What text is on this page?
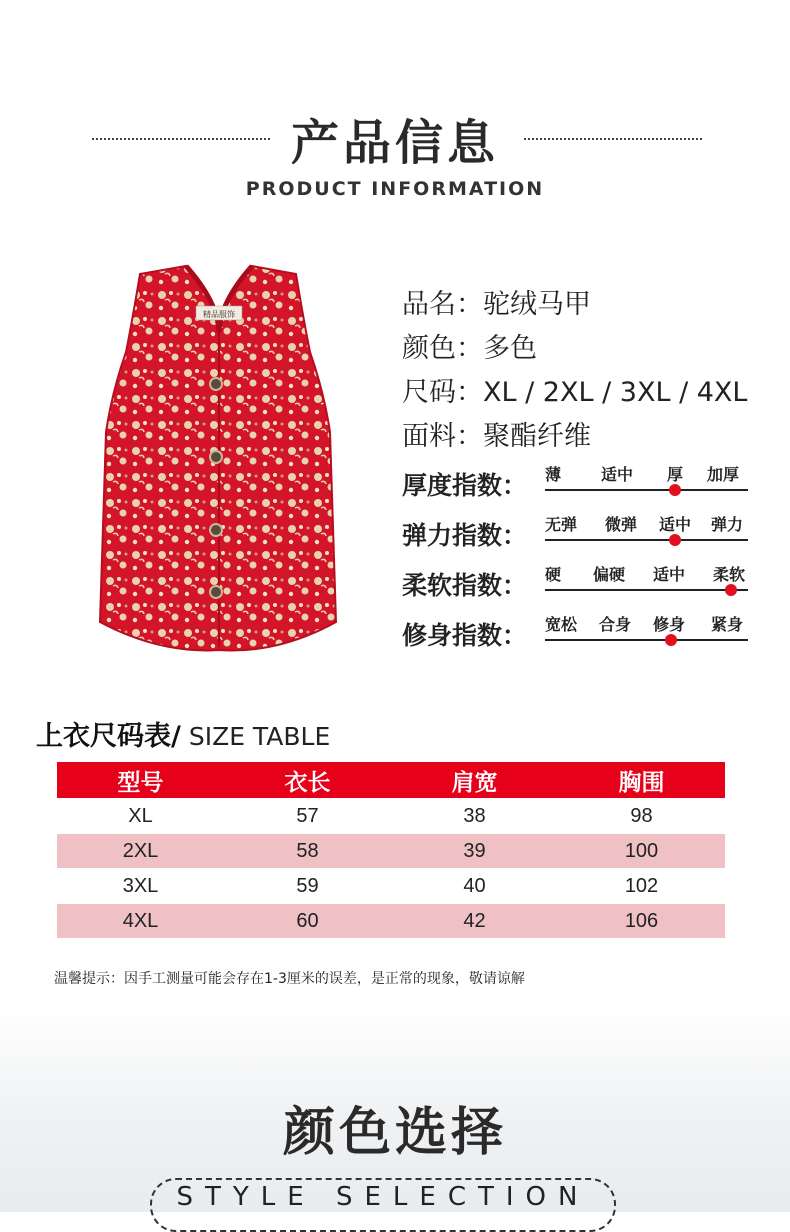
产品信息
PRODUCT INFORMATION
精品服饰	品名：驼绒马甲
颜色：多色
尺码：XL / 2XL / 3XL / 4XL
面料：聚酯纤维
厚度指数： 薄 适中 厚 加厚
弹力指数： 无弹 微弹 适中 弹力
柔软指数： 硬 偏硬 适中 柔软
修身指数： 宽松 合身 修身 紧身
上衣尺码表/ SIZE TABLE
型号	衣长	肩宽	胸围
XL	57	38	98
2XL	58	39	100
3XL	59	40	102
4XL	60	42	106
温馨提示：因手工测量可能会存在1-3厘米的误差，是正常的现象，敬请谅解
颜色选择
STYLE SELECTION
